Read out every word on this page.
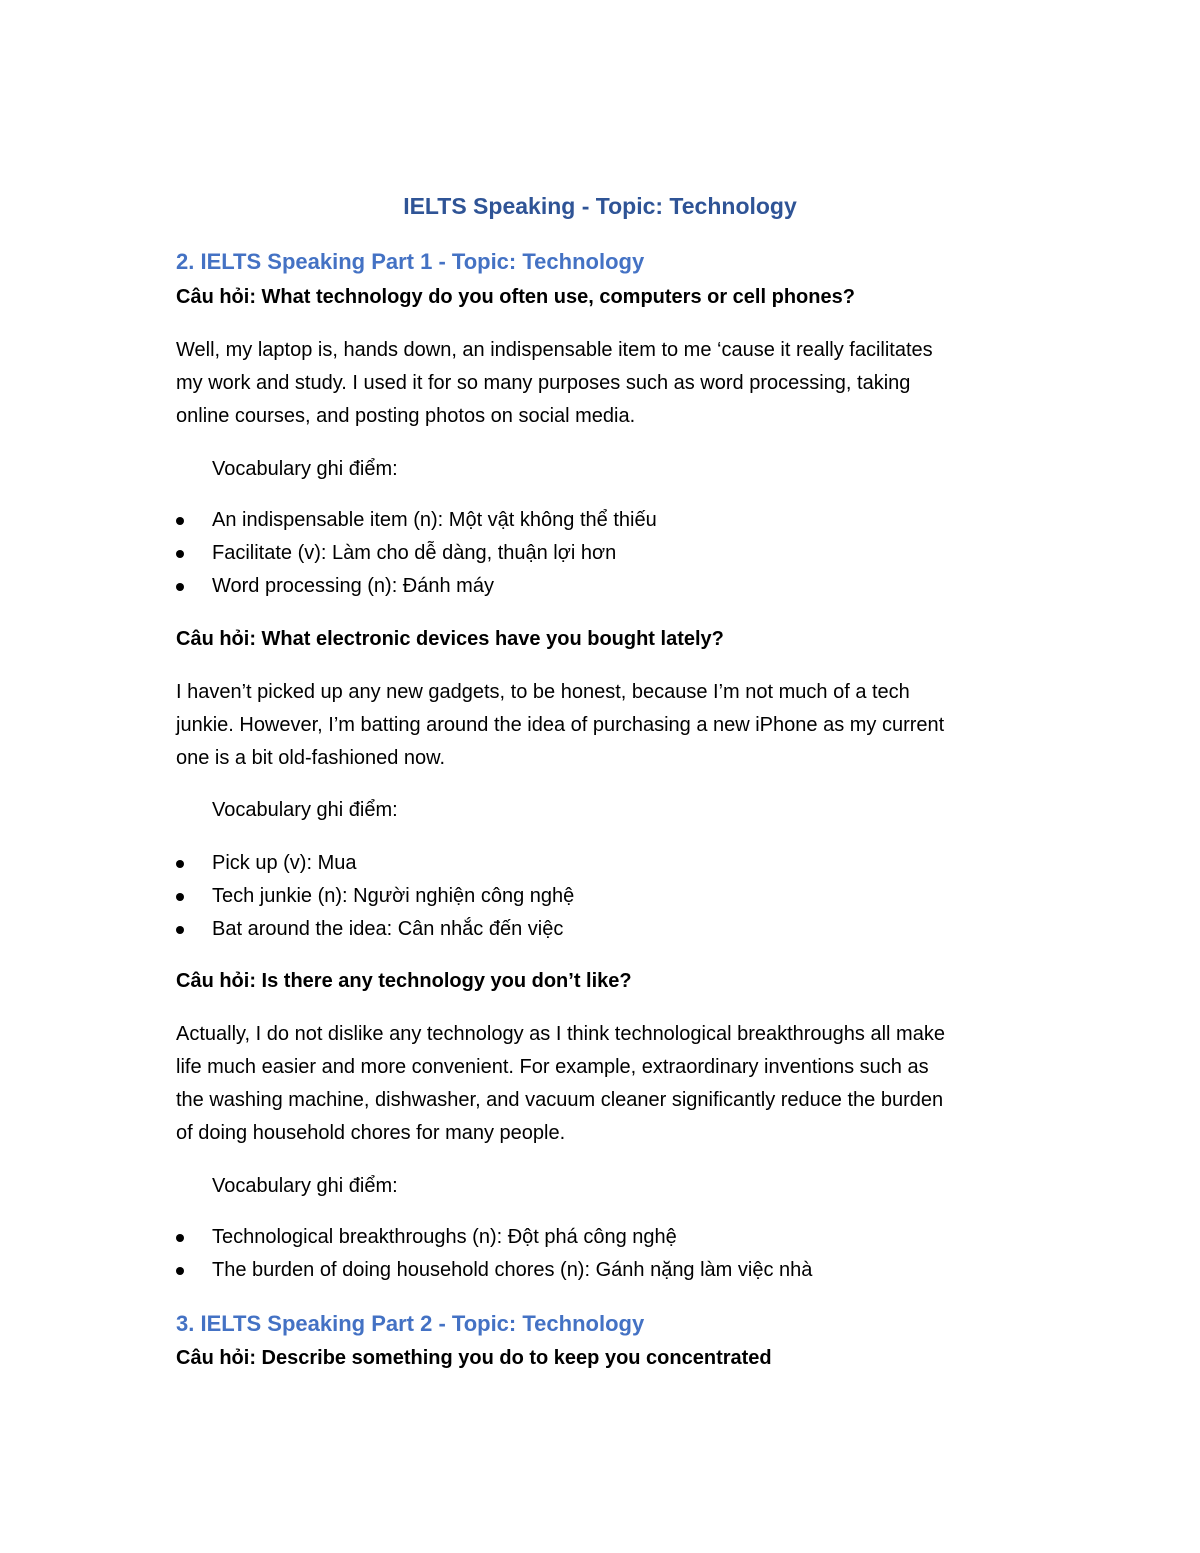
IELTS Speaking - Topic: Technology
2. IELTS Speaking Part 1 - Topic: Technology

Câu hỏi: What technology do you often use, computers or cell phones?

Well, my laptop is, hands down, an indispensable item to me ‘cause it really facilitates
my work and study. I used it for so many purposes such as word processing, taking
online courses, and posting photos on social media.

Vocabulary ghi điểm:

An indispensable item (n): Một vật không thể thiếu
Facilitate (v): Làm cho dễ dàng, thuận lợi hơn
Word processing (n): Đánh máy

Câu hỏi: What electronic devices have you bought lately?

I haven’t picked up any new gadgets, to be honest, because I’m not much of a tech
junkie. However, I’m batting around the idea of purchasing a new iPhone as my current
one is a bit old-fashioned now.

Vocabulary ghi điểm:

Pick up (v): Mua
Tech junkie (n): Người nghiện công nghệ
Bat around the idea: Cân nhắc đến việc

Câu hỏi: Is there any technology you don’t like?

Actually, I do not dislike any technology as I think technological breakthroughs all make
life much easier and more convenient. For example, extraordinary inventions such as
the washing machine, dishwasher, and vacuum cleaner significantly reduce the burden
of doing household chores for many people.

Vocabulary ghi điểm:

Technological breakthroughs (n): Đột phá công nghệ
The burden of doing household chores (n): Gánh nặng làm việc nhà
3. IELTS Speaking Part 2 - Topic: Technology

Câu hỏi: Describe something you do to keep you concentrated
